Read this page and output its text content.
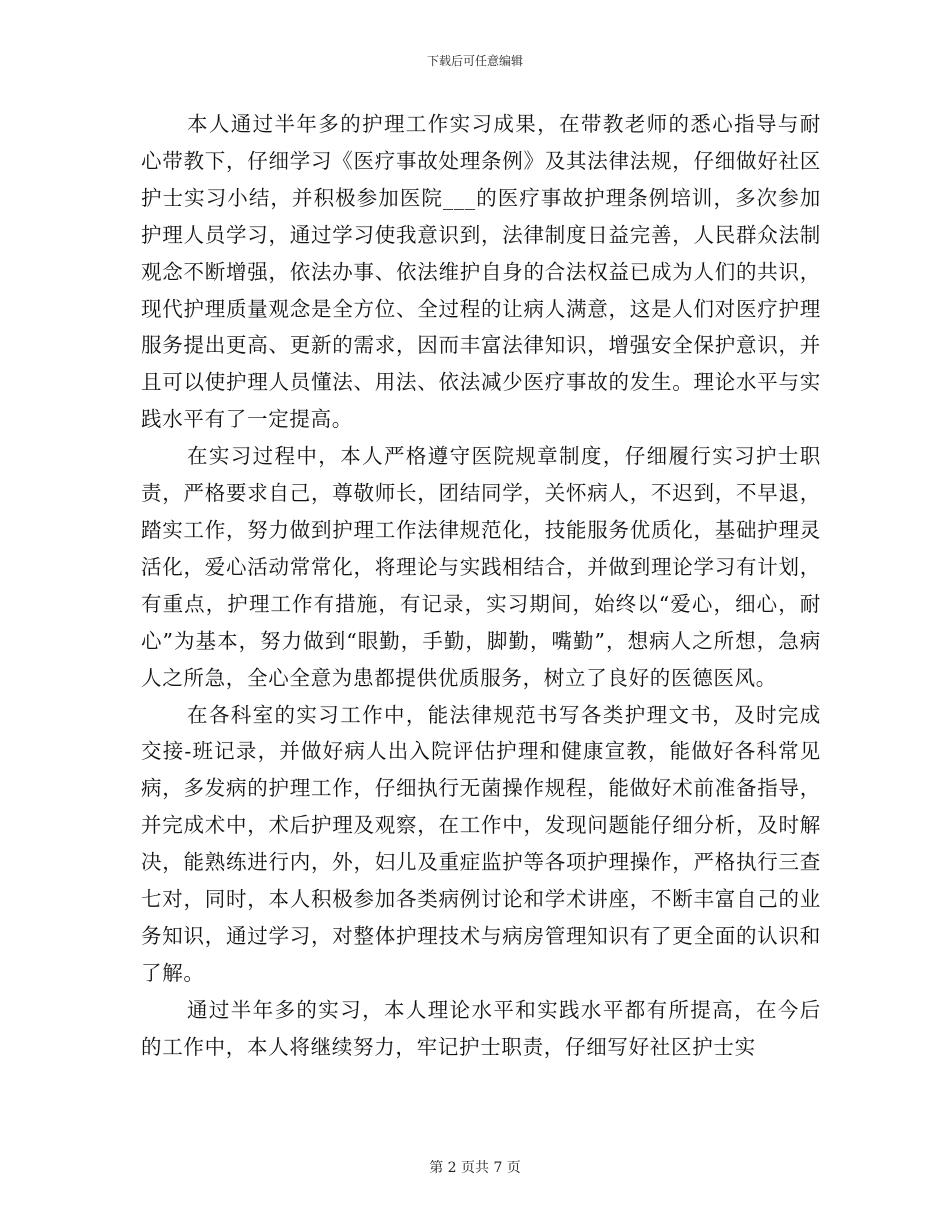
下载后可任意编辑

本人通过半年多的护理工作实习成果，在带教老师的悉心指导与耐心带教下，仔细学习《医疗事故处理条例》及其法律法规，仔细做好社区护士实习小结，并积极参加医院___的医疗事故护理条例培训，多次参加护理人员学习，通过学习使我意识到，法律制度日益完善，人民群众法制观念不断增强，依法办事、依法维护自身的合法权益已成为人们的共识，现代护理质量观念是全方位、全过程的让病人满意，这是人们对医疗护理服务提出更高、更新的需求，因而丰富法律知识，增强安全保护意识，并且可以使护理人员懂法、用法、依法减少医疗事故的发生。理论水平与实践水平有了一定提高。

在实习过程中，本人严格遵守医院规章制度，仔细履行实习护士职责，严格要求自己，尊敬师长，团结同学，关怀病人，不迟到，不早退，踏实工作，努力做到护理工作法律规范化，技能服务优质化，基础护理灵活化，爱心活动常常化，将理论与实践相结合，并做到理论学习有计划，有重点，护理工作有措施，有记录，实习期间，始终以“爱心，细心，耐心”为基本，努力做到“眼勤，手勤，脚勤，嘴勤”，想病人之所想，急病人之所急，全心全意为患都提供优质服务，树立了良好的医德医风。

在各科室的实习工作中，能法律规范书写各类护理文书，及时完成交接-班记录，并做好病人出入院评估护理和健康宣教，能做好各科常见病，多发病的护理工作，仔细执行无菌操作规程，能做好术前准备指导，并完成术中，术后护理及观察，在工作中，发现问题能仔细分析，及时解决，能熟练进行内，外，妇儿及重症监护等各项护理操作，严格执行三查七对，同时，本人积极参加各类病例讨论和学术讲座，不断丰富自己的业务知识，通过学习，对整体护理技术与病房管理知识有了更全面的认识和了解。

通过半年多的实习，本人理论水平和实践水平都有所提高，在今后的工作中，本人将继续努力，牢记护士职责，仔细写好社区护士实

第 2 页共 7 页
